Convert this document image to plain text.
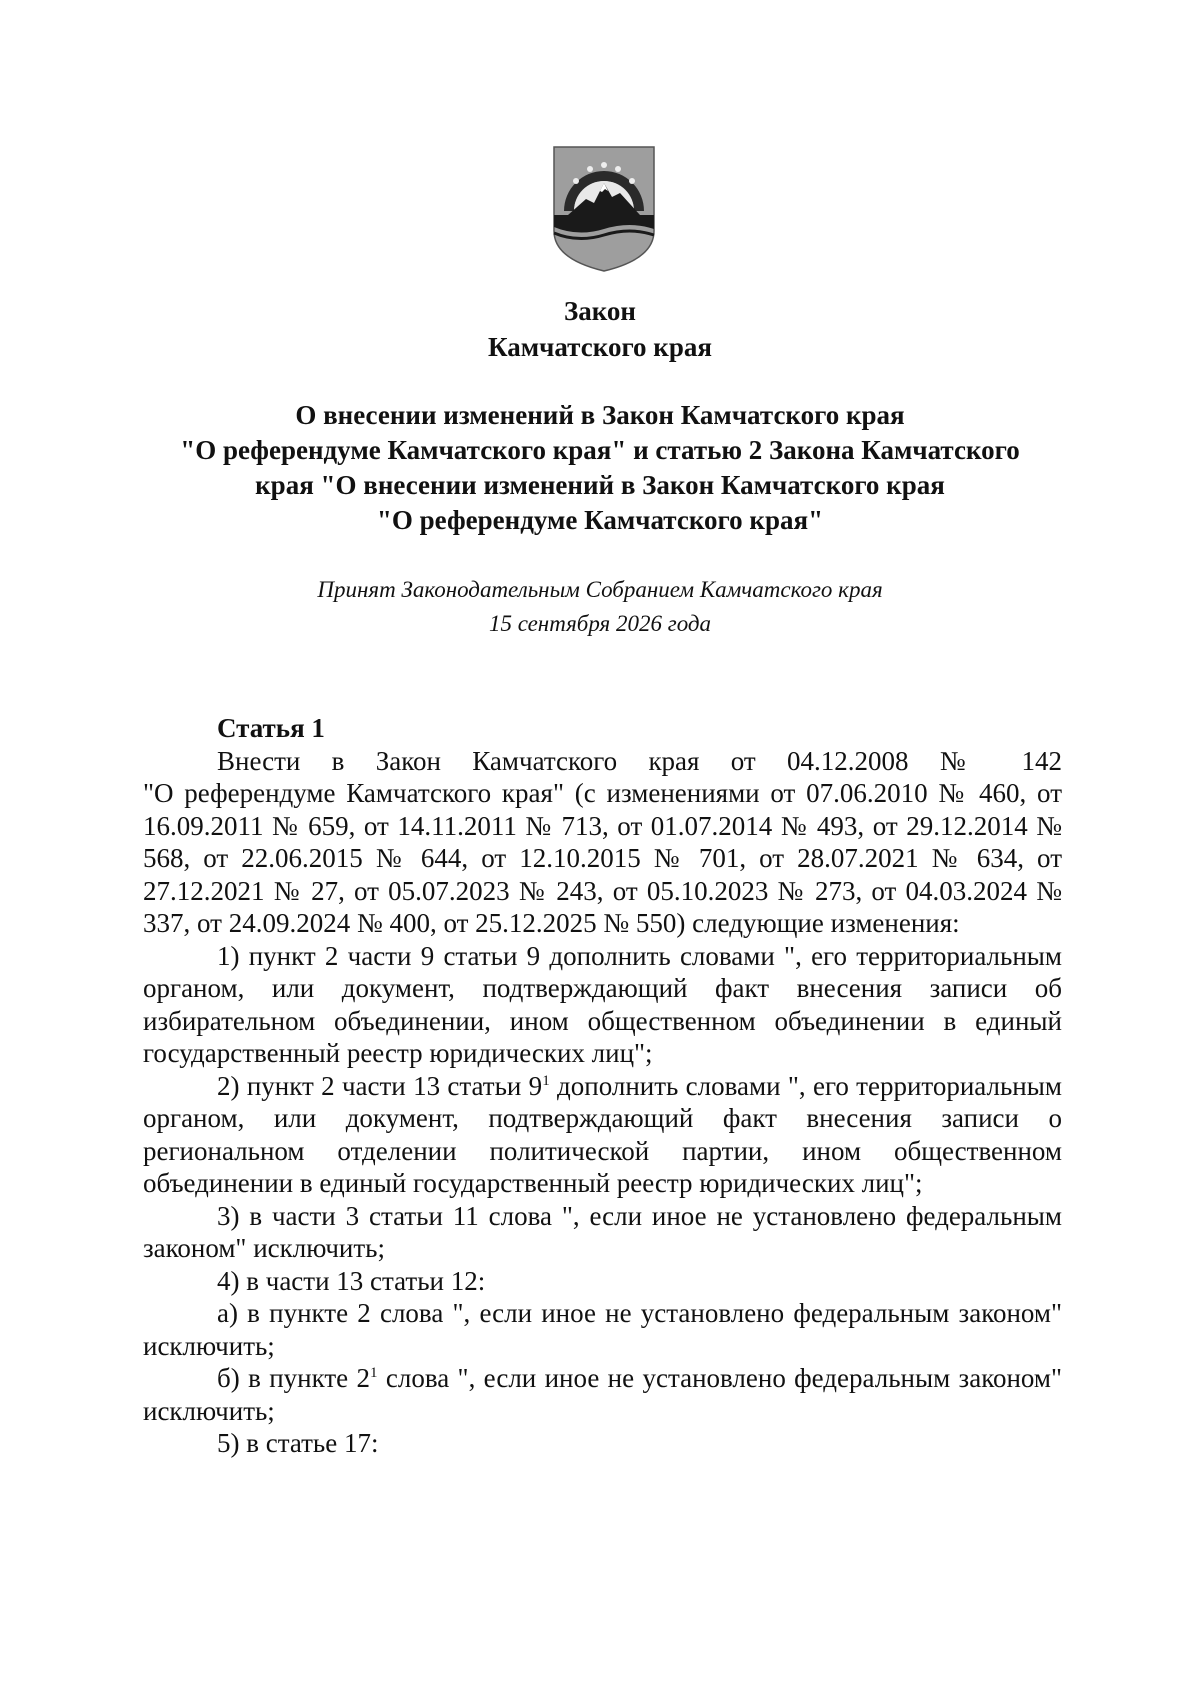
Закон
Камчатского края
О внесении изменений в Закон Камчатского края
"О референдуме Камчатского края" и статью 2 Закона Камчатского
края "О внесении изменений в Закон Камчатского края
"О референдуме Камчатского края"
Принят Законодательным Собранием Камчатского края
15 сентября 2026 года
Статья 1
Внести в Закон Камчатского края от 04.12.2008 № 142

"О референдуме Камчатского края" (с изменениями от 07.06.2010 № 460, от 16.09.2011 № 659, от 14.11.2011 № 713, от 01.07.2014 № 493, от 29.12.2014 № 568, от 22.06.2015 № 644, от 12.10.2015 № 701, от 28.07.2021 № 634, от 27.12.2021 № 27, от 05.07.2023 № 243, от 05.10.2023 № 273, от 04.03.2024 № 337, от 24.09.2024 № 400, от 25.12.2025 № 550) следующие изменения:

1) пункт 2 части 9 статьи 9 дополнить словами ", его территориальным органом, или документ, подтверждающий факт внесения записи об избирательном объединении, ином общественном объединении в единый государственный реестр юридических лиц";

2) пункт 2 части 13 статьи $9^1$ дополнить словами ", его территориальным органом, или документ, подтверждающий факт внесения записи о региональном отделении политической партии, ином общественном объединении в единый государственный реестр юридических лиц";

3) в части 3 статьи 11 слова ", если иное не установлено федеральным законом" исключить;

4) в части 13 статьи 12:

а) в пункте 2 слова ", если иное не установлено федеральным законом" исключить;

б) в пункте $2^1$ слова ", если иное не установлено федеральным законом" исключить;

5) в статье 17:
